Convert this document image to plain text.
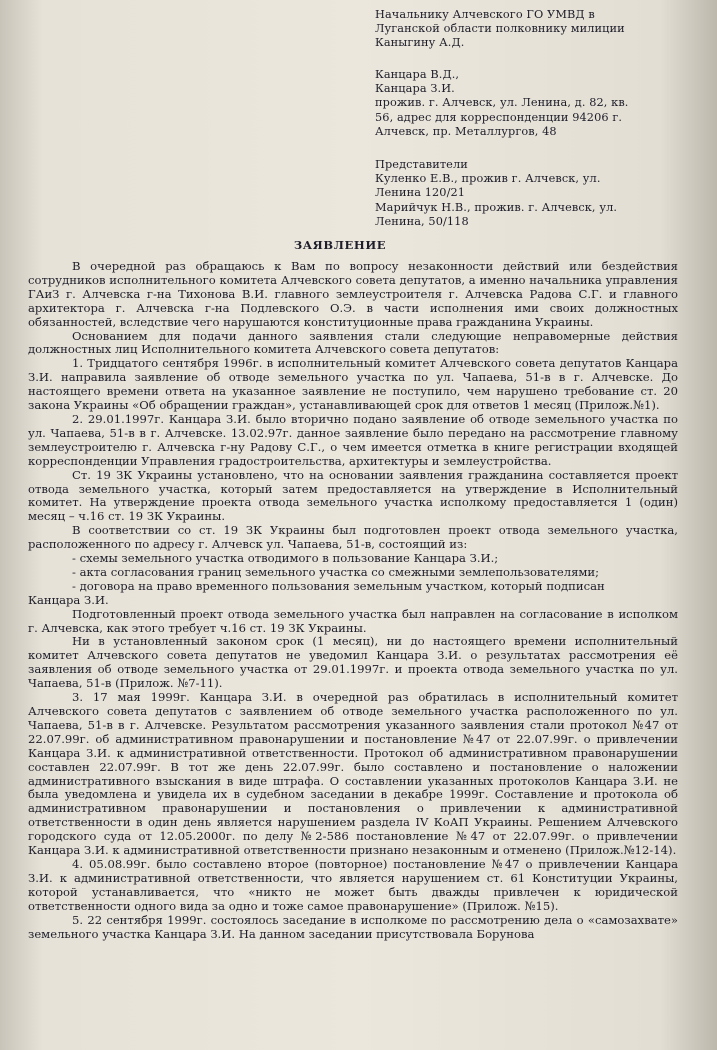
Начальнику Алчевского ГО УМВД в
Луганской области полковнику милиции
Каныгину А.Д.
Канцара В.Д.,
Канцара З.И.
прожив. г. Алчевск, ул. Ленина, д. 82, кв.
56, адрес для корреспонденции 94206 г.
Алчевск, пр. Металлургов, 48
Представители
Куленко Е.В., прожив г. Алчевск, ул.
Ленина 120/21
Марийчук Н.В., прожив. г. Алчевск, ул.
Ленина, 50/118
ЗАЯВЛЕНИЕ

В очередной раз обращаюсь к Вам по вопросу незаконности действий или бездействия сотрудников исполнительного комитета Алчевского совета депутатов, а именно начальника управления ГАиЗ г. Алчевска г-на Тихонова В.И. главного землеустроителя г. Алчевска Радова С.Г. и главного архитектора г. Алчевска г-на Подлевского О.Э. в части исполнения ими своих должностных обязанностей, вследствие чего нарушаются конституционные права гражданина Украины.

Основанием для подачи данного заявления стали следующие неправомерные действия должностных лиц Исполнительного комитета Алчевского совета депутатов:

1. Тридцатого сентября 1996г. в исполнительный комитет Алчевского совета депутатов Канцара З.И. направила заявление об отводе земельного участка по ул. Чапаева, 51-в в г. Алчевске. До настоящего времени ответа на указанное заявление не поступило, чем нарушено требование ст. 20 закона Украины «Об обращении граждан», устанавливающей срок для ответов 1 месяц (Прилож.№1).

2. 29.01.1997г. Канцара З.И. было вторично подано заявление об отводе земельного участка по ул. Чапаева, 51-в в г. Алчевске. 13.02.97г. данное заявление было передано на рассмотрение главному землеустроителю г. Алчевска г-ну Радову С.Г., о чем имеется отметка в книге регистрации входящей корреспонденции Управления градостроительства, архитектуры и землеустройства.

Ст. 19 ЗК Украины установлено, что на основании заявления гражданина составляется проект отвода земельного участка, который затем предоставляется на утверждение в Исполнительный комитет. На утверждение проекта отвода земельного участка исполкому предоставляется 1 (один) месяц – ч.16 ст. 19 ЗК Украины.

В соответствии со ст. 19 ЗК Украины был подготовлен проект отвода земельного участка, расположенного по адресу г. Алчевск ул. Чапаева, 51-в, состоящий из:

- схемы земельного участка отводимого в пользование Канцара З.И.;
- акта согласования границ земельного участка со смежными землепользователями;
- договора на право временного пользования земельным участком, который подписан

Канцара З.И.

Подготовленный проект отвода земельного участка был направлен на согласование в исполком г. Алчевска, как этого требует ч.16 ст. 19 ЗК Украины.

Ни в установленный законом срок (1 месяц), ни до настоящего времени исполнительный комитет Алчевского совета депутатов не уведомил Канцара З.И. о результатах рассмотрения её заявления об отводе земельного участка от 29.01.1997г. и проекта отвода земельного участка по ул. Чапаева, 51-в (Прилож. №7-11).

3. 17 мая 1999г. Канцара З.И. в очередной раз обратилась в исполнительный комитет Алчевского совета депутатов с заявлением об отводе земельного участка расположенного по ул. Чапаева, 51-в в г. Алчевске. Результатом рассмотрения указанного заявления стали протокол №47 от 22.07.99г. об административном правонарушении и постановление №47 от 22.07.99г. о привлечении Канцара З.И. к административной ответственности. Протокол об административном правонарушении составлен 22.07.99г. В тот же день 22.07.99г. было составлено и постановление о наложении административного взыскания в виде штрафа. О составлении указанных протоколов Канцара З.И. не была уведомлена и увидела их в судебном заседании в декабре 1999г. Составление и протокола об административном правонарушении и постановления о привлечении к административной ответственности в один день является нарушением раздела IV КоАП Украины. Решением Алчевского городского суда от 12.05.2000г. по делу №2-586 постановление №47 от 22.07.99г. о привлечении Канцара З.И. к административной ответственности признано незаконным и отменено (Прилож.№12-14).

4. 05.08.99г. было составлено второе (повторное) постановление №47 о привлечении Канцара З.И. к административной ответственности, что является нарушением ст. 61 Конституции Украины, которой устанавливается, что «никто не может быть дважды привлечен к юридической ответственности одного вида за одно и тоже самое правонарушение» (Прилож. №15).

5. 22 сентября 1999г. состоялось заседание в исполкоме по рассмотрению дела о «самозахвате» земельного участка Канцара З.И. На данном заседании присутствовала Борунова
